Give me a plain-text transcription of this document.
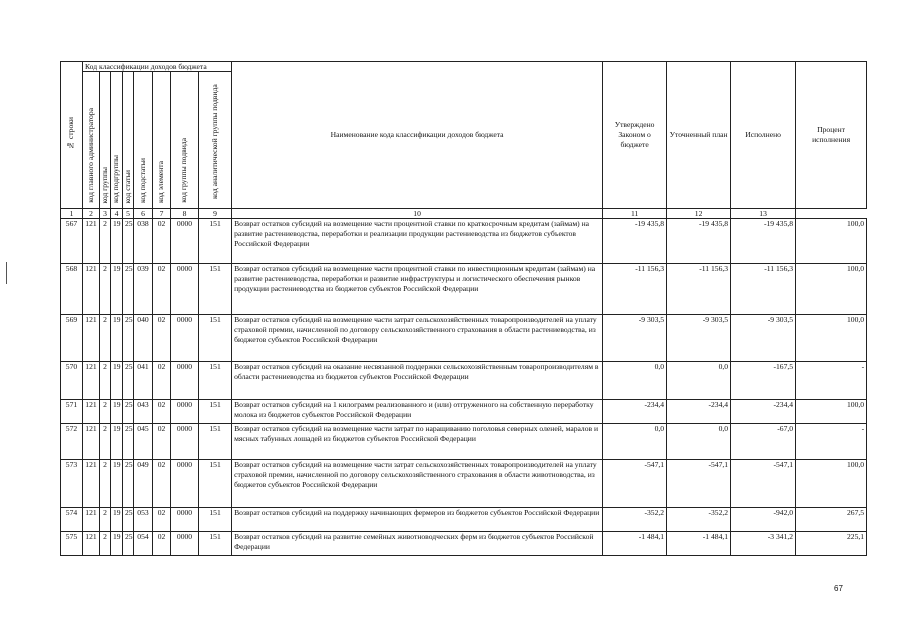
№ строки	Код классификации доходов бюджета								Наименование кода классификации доходов бюджета	Утверждено Законом о бюджете	Уточненный план	Исполнено	Процент исполнения
	код главного администратора	код группы	код подгруппы	код статьи	код подстатьи	код элемента	код группы подвида	код аналитической группы подвида					
1	2	3	4	5	6	7	8	9	10	11	12	13	
567	121	2	19	25	038	02	0000	151	Возврат остатков субсидий на возмещение части процентной ставки по краткосрочным кредитам (займам) на развитие растениеводства, переработки и реализации продукции растениеводства из бюджетов субъектов Российской Федерации	-19 435,8	-19 435,8	-19 435,8	100,0
568	121	2	19	25	039	02	0000	151	Возврат остатков субсидий на возмещение части процентной ставки по инвестиционным кредитам (займам) на развитие растениеводства, переработки и развитие инфраструктуры и логистического обеспечения рынков продукции растениеводства из бюджетов субъектов Российской Федерации	-11 156,3	-11 156,3	-11 156,3	100,0
569	121	2	19	25	040	02	0000	151	Возврат остатков субсидий на возмещение части затрат сельскохозяйственных товаропроизводителей на уплату страховой премии, начисленной по договору сельскохозяйственного страхования в области растениеводства, из бюджетов субъектов Российской Федерации	-9 303,5	-9 303,5	-9 303,5	100,0
570	121	2	19	25	041	02	0000	151	Возврат остатков субсидий на оказание несвязанной поддержки сельскохозяйственным товаропроизводителям в области растениеводства из бюджетов субъектов Российской Федерации	0,0	0,0	-167,5	-
571	121	2	19	25	043	02	0000	151	Возврат остатков субсидий на 1 килограмм реализованного и (или) отгруженного на собственную переработку молока из бюджетов субъектов Российской Федерации	-234,4	-234,4	-234,4	100,0
572	121	2	19	25	045	02	0000	151	Возврат остатков субсидий на возмещение части затрат по наращиванию поголовья северных оленей, маралов и мясных табунных лошадей из бюджетов субъектов Российской Федерации	0,0	0,0	-67,0	-
573	121	2	19	25	049	02	0000	151	Возврат остатков субсидий на возмещение части затрат сельскохозяйственных товаропроизводителей на уплату страховой премии, начисленной по договору сельскохозяйственного страхования в области животноводства, из бюджетов субъектов Российской Федерации	-547,1	-547,1	-547,1	100,0
574	121	2	19	25	053	02	0000	151	Возврат остатков субсидий на поддержку начинающих фермеров из бюджетов субъектов Российской Федерации	-352,2	-352,2	-942,0	267,5
575	121	2	19	25	054	02	0000	151	Возврат остатков субсидий на развитие семейных животноводческих ферм из бюджетов субъектов Российской Федерации	-1 484,1	-1 484,1	-3 341,2	225,1
67
